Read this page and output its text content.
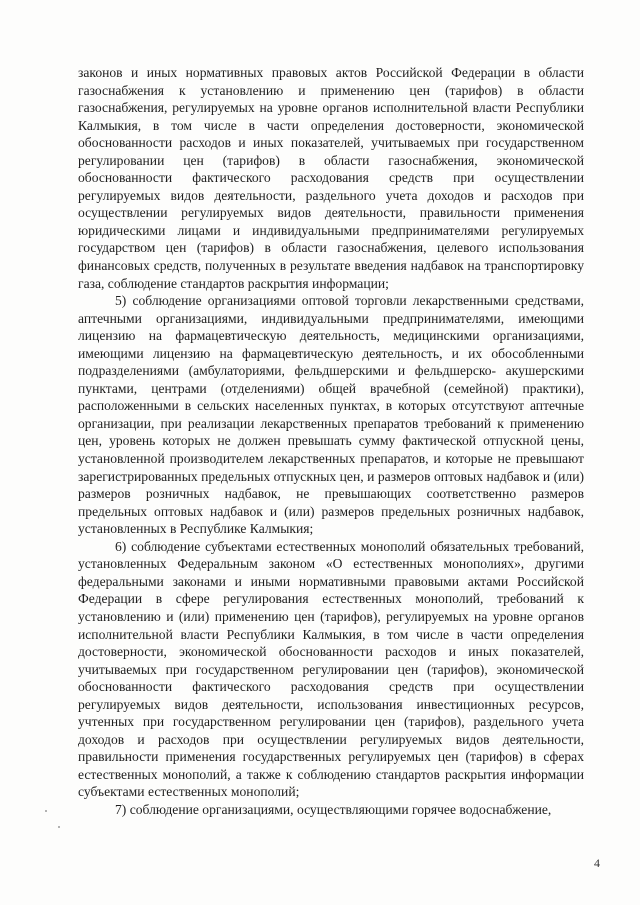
законов и иных нормативных правовых актов Российской Федерации в области газоснабжения к установлению и применению цен (тарифов) в области газоснабжения, регулируемых на уровне органов исполнительной власти Республики Калмыкия, в том числе в части определения достоверности, экономической обоснованности расходов и иных показателей, учитываемых при государственном регулировании цен (тарифов) в области газоснабжения, экономической обоснованности фактического расходования средств при осуществлении регулируемых видов деятельности, раздельного учета доходов и расходов при осуществлении регулируемых видов деятельности, правильности применения юридическими лицами и индивидуальными предпринимателями регулируемых государством цен (тарифов) в области газоснабжения, целевого использования финансовых средств, полученных в результате введения надбавок на транспортировку газа, соблюдение стандартов раскрытия информации;

5) соблюдение организациями оптовой торговли лекарственными средствами, аптечными организациями, индивидуальными предпринимателями, имеющими лицензию на фармацевтическую деятельность, медицинскими организациями, имеющими лицензию на фармацевтическую деятельность, и их обособленными подразделениями (амбулаториями, фельдшерскими и фельдшерско- акушерскими пунктами, центрами (отделениями) общей врачебной (семейной) практики), расположенными в сельских населенных пунктах, в которых отсутствуют аптечные организации, при реализации лекарственных препаратов требований к применению цен, уровень которых не должен превышать сумму фактической отпускной цены, установленной производителем лекарственных препаратов, и которые не превышают зарегистрированных предельных отпускных цен, и размеров оптовых надбавок и (или) размеров розничных надбавок, не превышающих соответственно размеров предельных оптовых надбавок и (или) размеров предельных розничных надбавок, установленных в Республике Калмыкия;

6) соблюдение субъектами естественных монополий обязательных требований, установленных Федеральным законом «О естественных монополиях», другими федеральными законами и иными нормативными правовыми актами Российской Федерации в сфере регулирования естественных монополий, требований к установлению и (или) применению цен (тарифов), регулируемых на уровне органов исполнительной власти Республики Калмыкия, в том числе в части определения достоверности, экономической обоснованности расходов и иных показателей, учитываемых при государственном регулировании цен (тарифов), экономической обоснованности фактического расходования средств при осуществлении регулируемых видов деятельности, использования инвестиционных ресурсов, учтенных при государственном регулировании цен (тарифов), раздельного учета доходов и расходов при осуществлении регулируемых видов деятельности, правильности применения государственных регулируемых цен (тарифов) в сферах естественных монополий, а также к соблюдению стандартов раскрытия информации субъектами естественных монополий;

7) соблюдение организациями, осуществляющими горячее водоснабжение,

4
